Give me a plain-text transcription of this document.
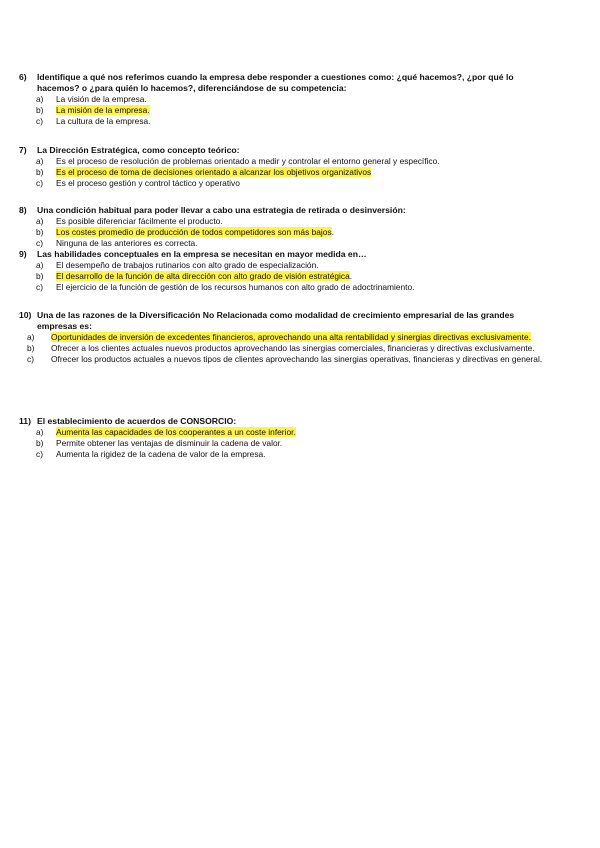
6)	Identifique a qué nos referimos cuando la empresa debe responder a cuestiones como: ¿qué hacemos?, ¿por qué lo hacemos? o ¿para quién lo hacemos?, diferenciándose de su competencia:
a)	La visión de la empresa.
b)	La misión de la empresa.
c)	La cultura de la empresa.
7)	La Dirección Estratégica, como concepto teórico:
a)	Es el proceso de resolución de problemas orientado a medir y controlar el entorno general y específico.
b)	Es el proceso de toma de decisiones orientado a alcanzar los objetivos organizativos
c)	Es el proceso gestión y control táctico y operativo
8)	Una condición habitual para poder llevar a cabo una estrategia de retirada o desinversión:
a)	Es posible diferenciar fácilmente el producto.
b)	Los costes promedio de producción de todos competidores son más bajos.
c)	Ninguna de las anteriores es correcta.
9)	Las habilidades conceptuales en la empresa se necesitan en mayor medida en…
a)	El desempeño de trabajos rutinarios con alto grado de especialización.
b)	El desarrollo de la función de alta dirección con alto grado de visión estratégica.
c)	El ejercicio de la función de gestión de los recursos humanos con alto grado de adoctrinamiento.
10) Una de las razones de la Diversificación No Relacionada como modalidad de crecimiento empresarial de las grandes empresas es:
a)	Oportunidades de inversión de excedentes financieros, aprovechando una alta rentabilidad y sinergias directivas exclusivamente.
b)	Ofrecer a los clientes actuales nuevos productos aprovechando las sinergias comerciales, financieras y directivas exclusivamente.
c)	Ofrecer los productos actuales a nuevos tipos de clientes aprovechando las sinergias operativas, financieras y directivas en general.
11) El establecimiento de acuerdos de CONSORCIO:
a)	Aumenta las capacidades de los cooperantes a un coste inferior.
b)	Permite obtener las ventajas de disminuir la cadena de valor.
c)	Aumenta la rigidez de la cadena de valor de la empresa.
